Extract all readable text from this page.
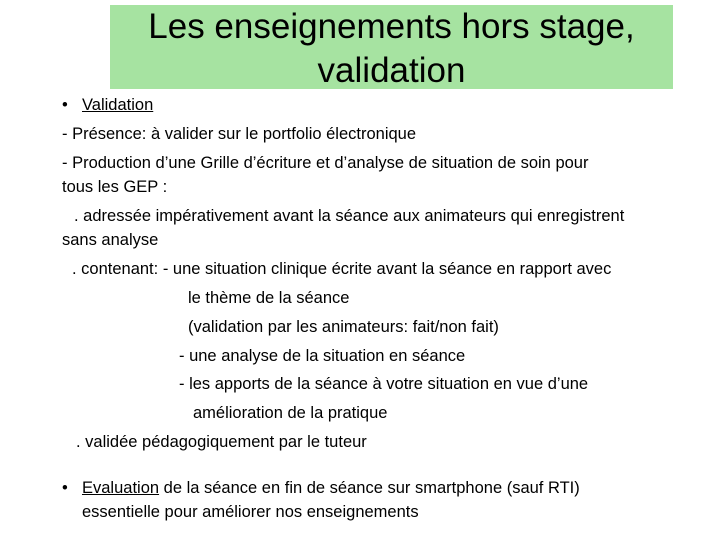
Les enseignements hors stage,
validation
• Validation
- Présence: à valider sur le portfolio électronique
- Production d’une Grille d’écriture et d’analyse de situation de soin pour
tous les GEP :
. adressée impérativement avant la séance aux animateurs qui enregistrent
sans analyse
. contenant: - une situation clinique écrite avant la séance en rapport avec
le thème de la séance
(validation par les animateurs: fait/non fait)
- une analyse de la situation en séance
- les apports de la séance à votre situation en vue d’une
amélioration de la pratique
. validée pédagogiquement par le tuteur
• Evaluation de la séance en fin de séance sur smartphone (sauf RTI)
essentielle pour améliorer nos enseignements
